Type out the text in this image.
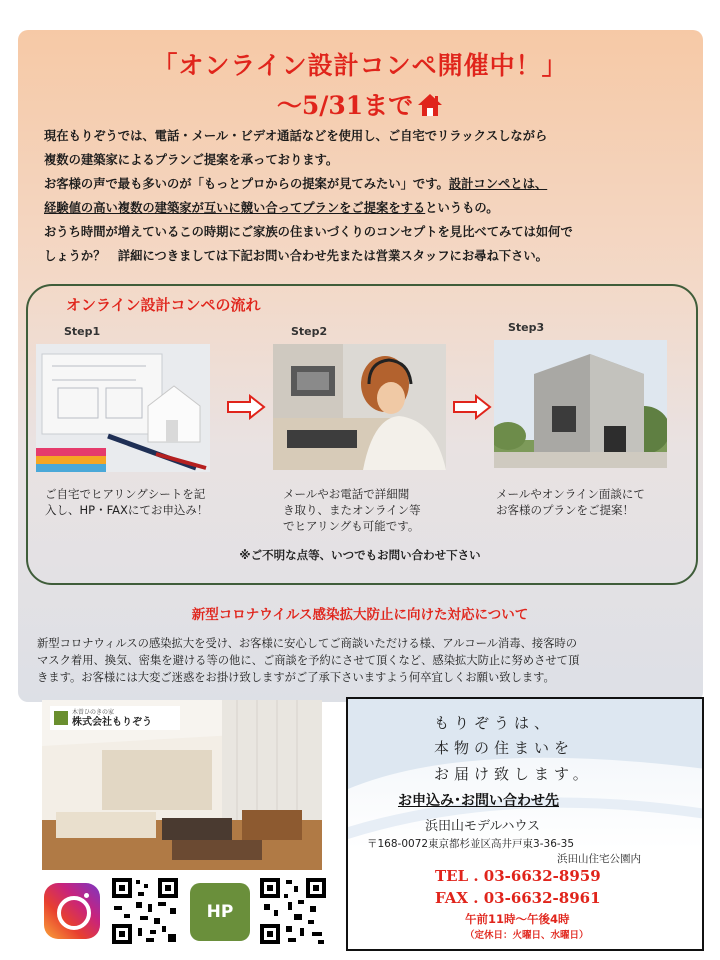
「オンライン設計コンペ開催中！」
～5/31まで

現在もりぞうでは、電話・メール・ビデオ通話などを使用し、ご自宅でリラックスしながら

複数の建築家によるプランご提案を承っております。

お客様の声で最も多いのが「もっとプロからの提案が見てみたい」です。設計コンペとは、

経験値の高い複数の建築家が互いに競い合ってプランをご提案をするというもの。

おうち時間が増えているこの時期にご家族の住まいづくりのコンセプトを見比べてみては如何で

しょうか？　詳細につきましては下記お問い合わせ先または営業スタッフにお尋ね下さい。

オンライン設計コンペの流れ
Step1

ご自宅でヒアリングシートを記

入し、HP・FAXにてお申込み！

Step2

メールやお電話で詳細聞

き取り、またオンライン等

でヒアリングも可能です。

Step3

メールやオンライン面談にて

お客様のプランをご提案！

※ご不明な点等、いつでもお問い合わせ下さい
新型コロナウイルス感染拡大防止に向けた対応について

新型コロナウィルスの感染拡大を受け、お客様に安心してご商談いただける様、アルコール消毒、接客時の

マスク着用、換気、密集を避ける等の他に、ご商談を予約にさせて頂くなど、感染拡大防止に努めさせて頂

きます。お客様には大変ご迷惑をお掛け致しますがご了承下さいますよう何卒宜しくお願い致します。

木曽ひのきの家
株式会社もりぞう
HP
もりぞうは、
本物の住まいを
お届け致します。
お申込み･お問い合わせ先
浜田山モデルハウス
〒168-0072東京都杉並区高井戸東3-36-35
浜田山住宅公園内
TEL . 03-6632-8959
FAX . 03-6632-8961
午前11時～午後4時
（定休日：火曜日、水曜日）
